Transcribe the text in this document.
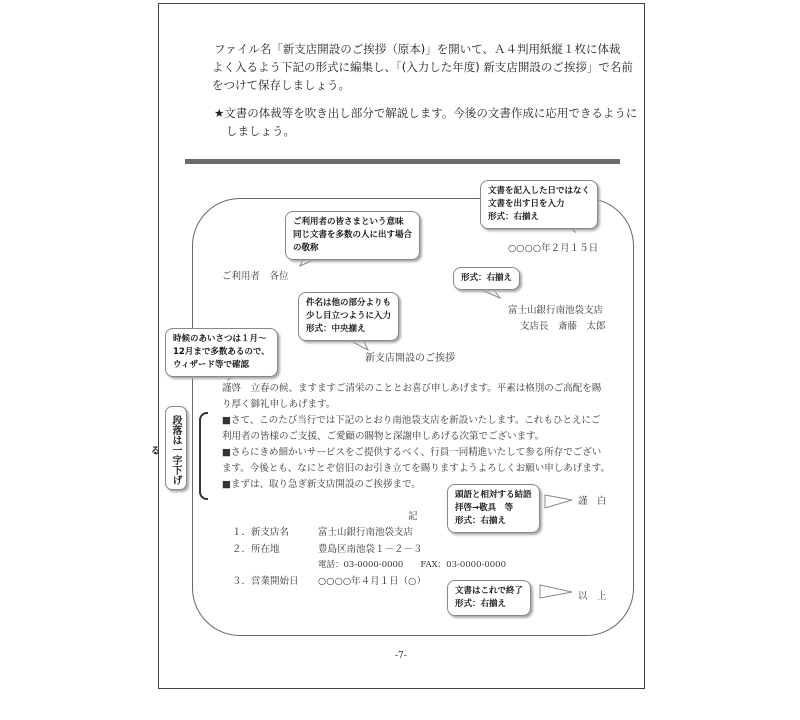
ファイル名「新支店開設のご挨拶（原本)」を開いて、Ａ４判用紙縦１枚に体裁
よく入るよう下記の形式に編集し、「(入力した年度) 新支店開設のご挨拶」で名前
をつけて保存しましょう。
★文書の体裁等を吹き出し部分で解説します。今後の文書作成に応用できるように
しましょう。
○○○○年２月１５日
ご利用者　各位
富士山銀行南池袋支店
支店長　斎藤　太郎
新支店開設のご挨拶
謹啓　立春の候、ますますご清栄のこととお喜び申しあげます。平素は格別のご高配を賜
り厚く御礼申しあげます。
■さて、このたび当行では下記のとおり南池袋支店を新設いたします。これもひとえにご
利用者の皆様のご支援、ご愛顧の賜物と深謝申しあげる次第でございます。
■さらにきめ細かいサービスをご提供するべく、行員一同精進いたして参る所存でござい
ます。今後とも、なにとぞ倍旧のお引き立てを賜りますようよろしくお願い申しあげます。
■まずは、取り急ぎ新支店開設のご挨拶まで。
謹　白
記
１．新支店名	富士山銀行南池袋支店
２．所在地	豊島区南池袋１－２－３
電話：03-0000-0000　　FAX：03-0000-0000
３．営業開始日 ○○○○年４月１日（○）
以　上
文書を記入した日ではなく
文書を出す日を入力
形式：右揃え
ご利用者の皆さまという意味
同じ文書を多数の人に出す場合
の敬称
形式：右揃え
件名は他の部分よりも
少し目立つように入力
形式：中央揃え
時候のあいさつは１月～
12月まで多数あるので、
ウィザード等で確認
段落は一字下げる
頭語と相対する結語
拝啓→敬具　等
形式：右揃え
文書はこれで終了
形式：右揃え
-7-
